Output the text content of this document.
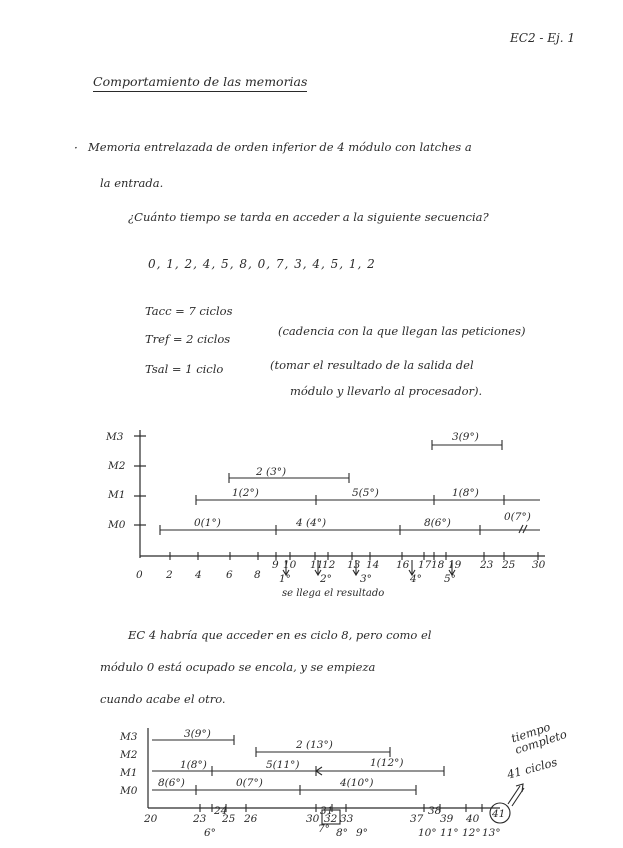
EC2 - Ej. 1
Comportamiento de las memorias
· Memoria entrelazada de orden inferior de 4 módulo con latches a
la entrada.
¿Cuánto tiempo se tarda en acceder a la siguiente secuencia?
0, 1, 2, 4, 5, 8, 0, 7, 3, 4, 5, 1, 2
Tacc = 7 ciclos
Tref = 2 ciclos
(cadencia con la que llegan las peticiones)
Tsal = 1 ciclo	(tomar el resultado de la salida del
módulo y llevarlo al procesador).
M3
M2
M1
M0
3(9°)
2 (3°)
1(2°)	5(5°)	1(8°)
0(1°)	4 (4°)	8(6°)	0(7°)
0 2 4 6 8
9 10 11
12 13 14 16 17 18 19 23 25 30
1°	2°	3°	4° 5°
se llega el resultado
EC 4 habría que acceder en es ciclo 8, pero como el
módulo 0 está ocupado se encola, y se empieza
cuando acabe el otro.
M3
M2
M1
M0
3(9°)
2 (13°)
1(8°)	5(11°)	1(12°)
8(6°)	0(7°)	4(10°)
20	23
24
25 26	30
31
32 33	37
38
39 40 41
6°	7° 8° 9°	10° 11° 12° 13°
tiempo completo
41 ciclos
